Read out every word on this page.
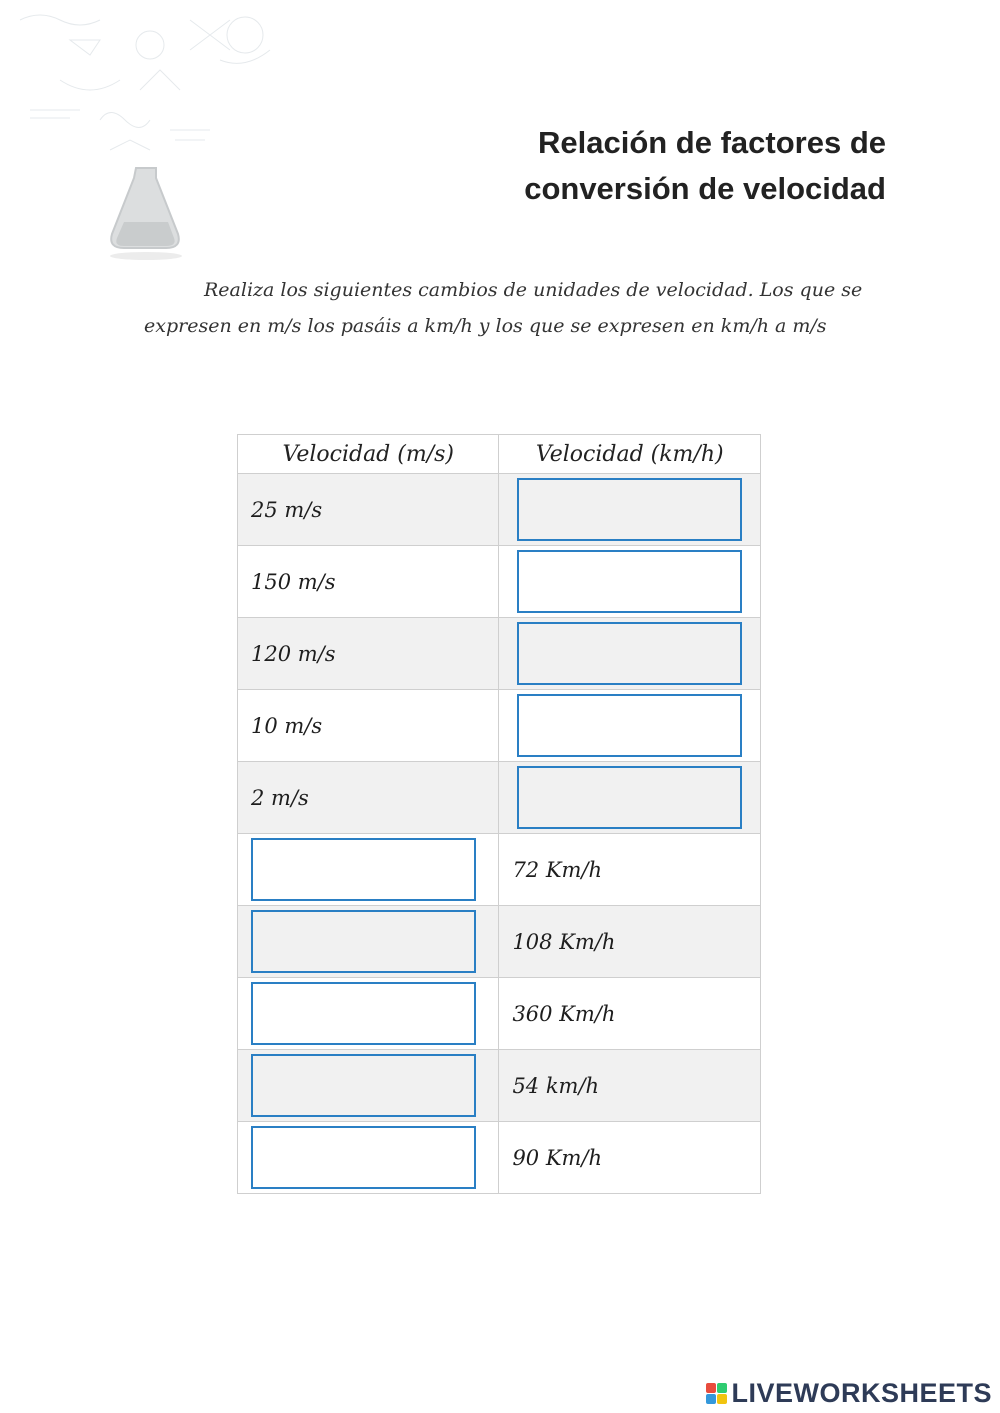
Relación de factores de
conversión de velocidad
Realiza los siguientes cambios de unidades de velocidad. Los que se expresen en m/s los pasáis a km/h y los que se expresen en km/h a m/s
Velocidad (m/s)	Velocidad (km/h)
25 m/s	

150 m/s	

120 m/s	

10 m/s	

2 m/s	

	72 Km/h

	108 Km/h

	360 Km/h

	54 km/h

	90 Km/h
LIVEWORKSHEETS
